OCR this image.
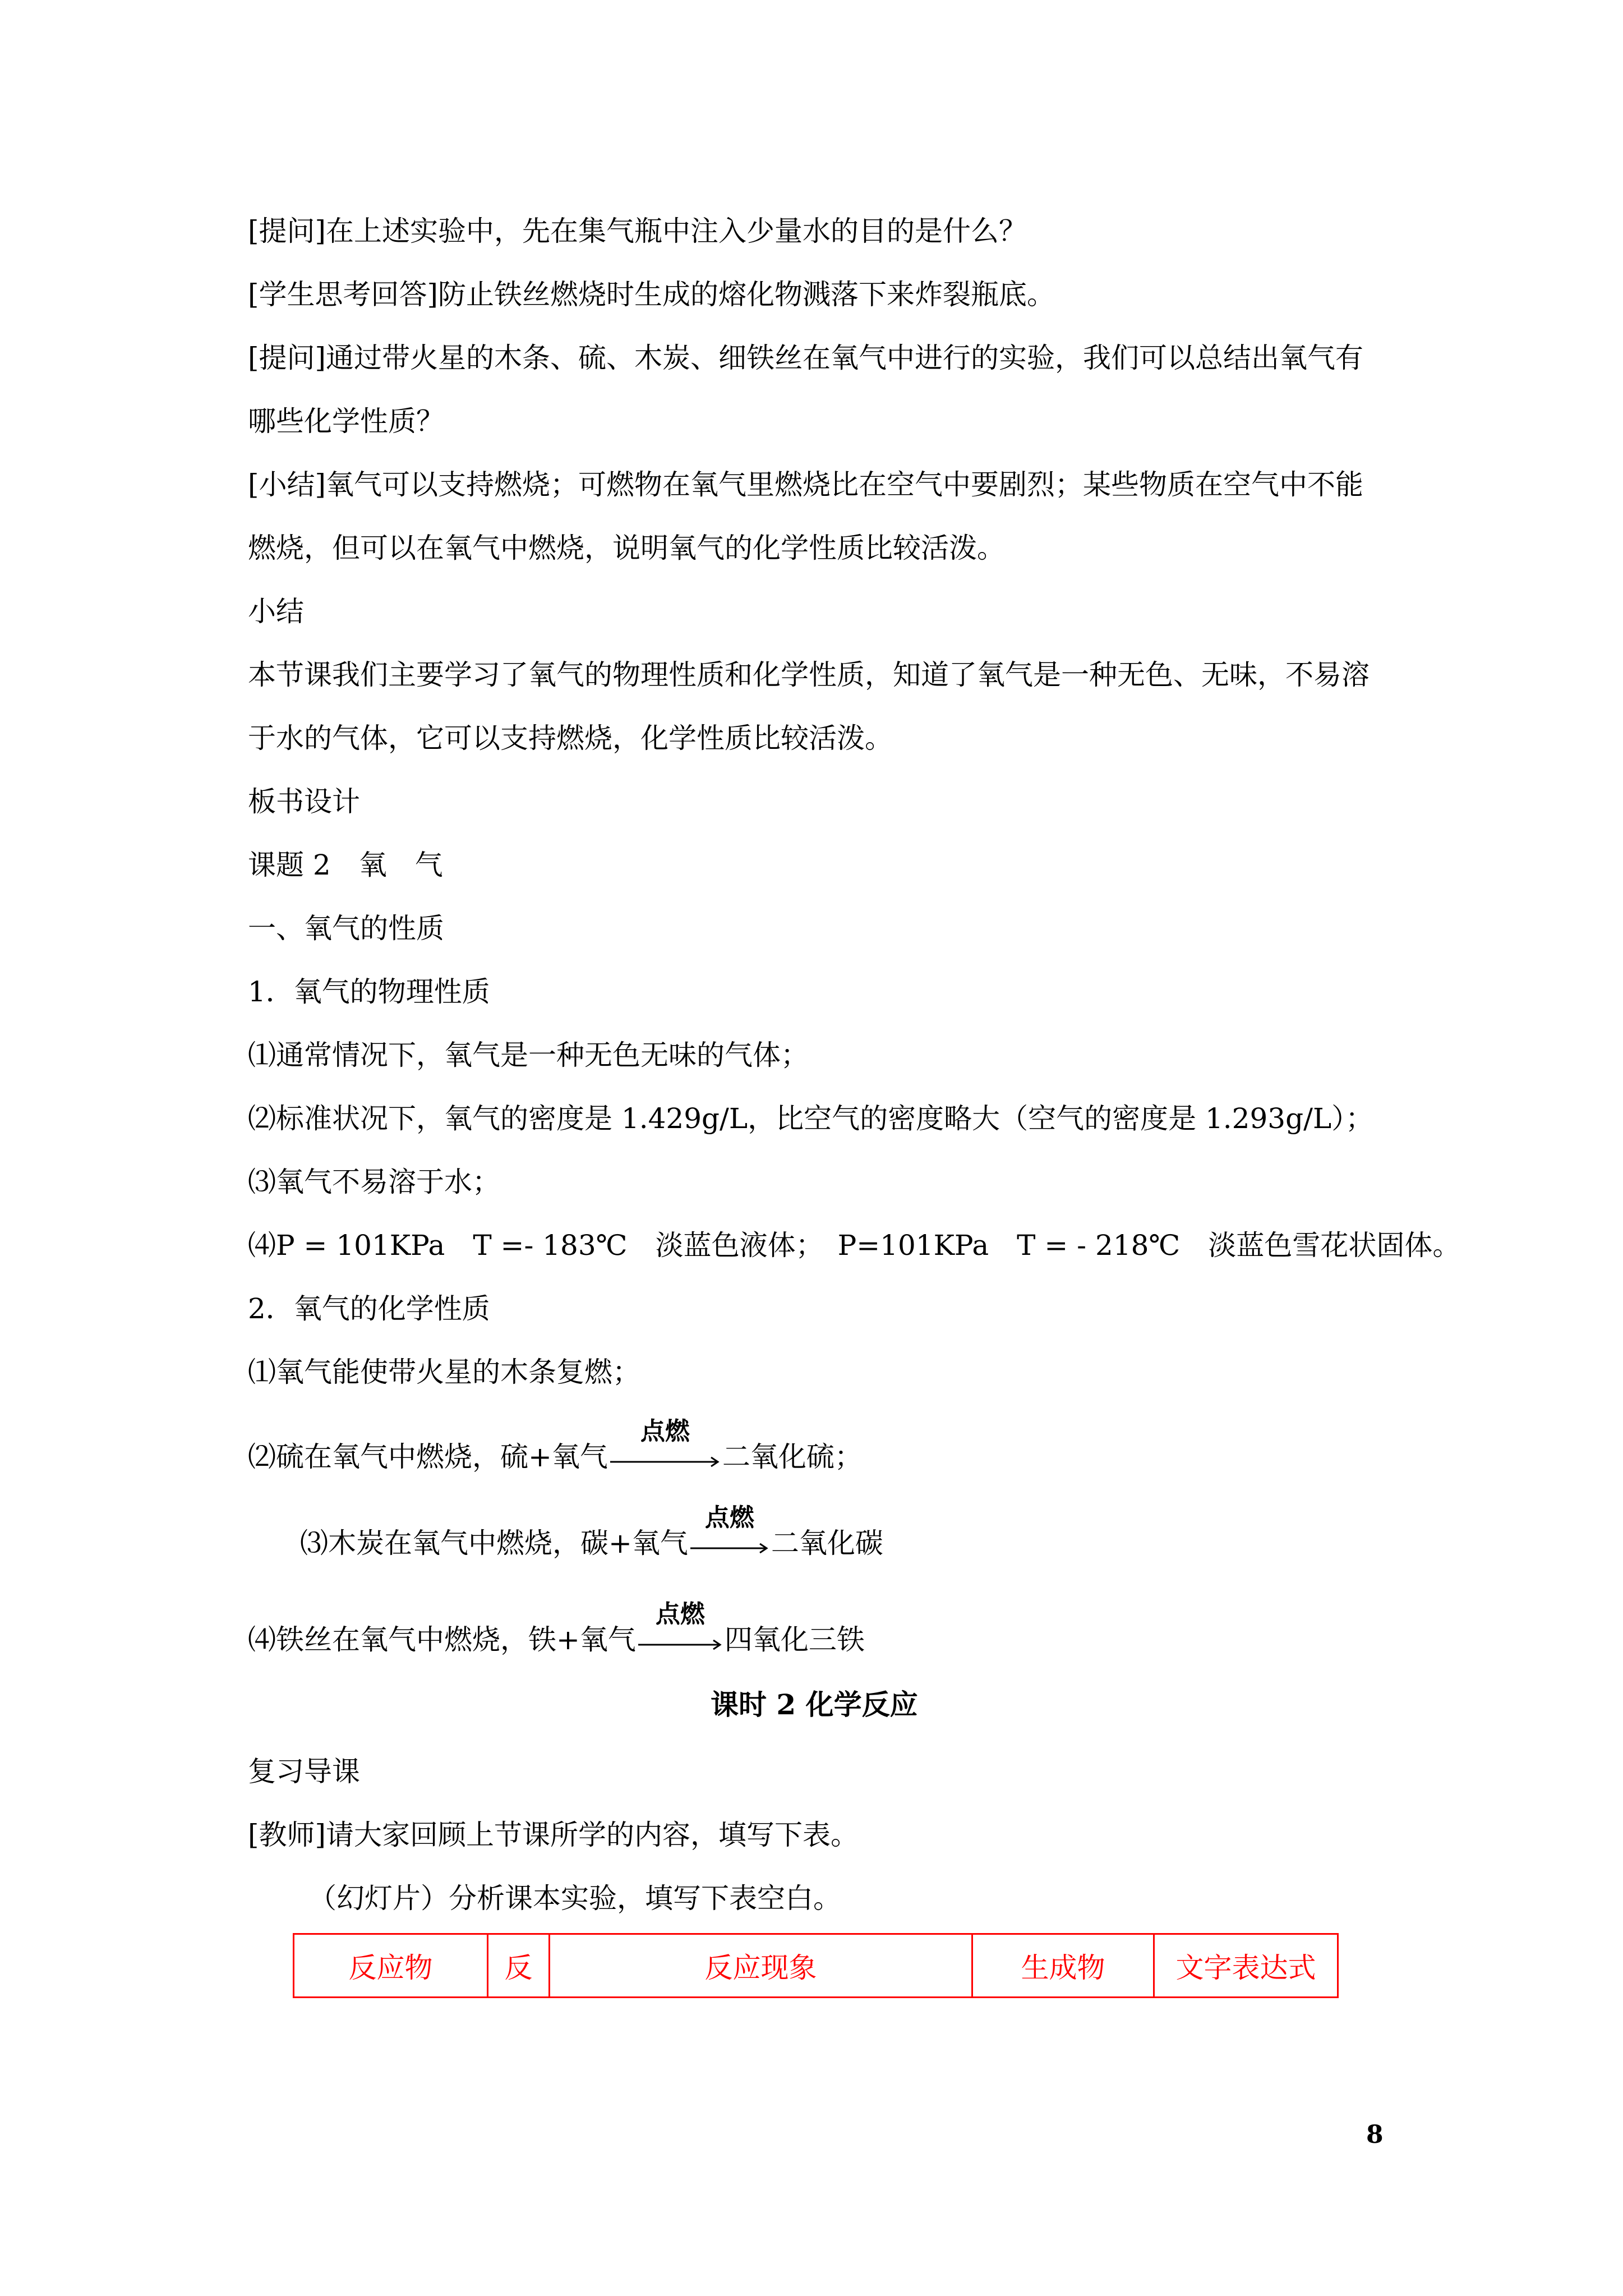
[提问]在上述实验中，先在集气瓶中注入少量水的目的是什么？
[学生思考回答]防止铁丝燃烧时生成的熔化物溅落下来炸裂瓶底。
[提问]通过带火星的木条、硫、木炭、细铁丝在氧气中进行的实验，我们可以总结出氧气有
哪些化学性质？
[小结]氧气可以支持燃烧；可燃物在氧气里燃烧比在空气中要剧烈；某些物质在空气中不能
燃烧，但可以在氧气中燃烧，说明氧气的化学性质比较活泼。
小结
本节课我们主要学习了氧气的物理性质和化学性质，知道了氧气是一种无色、无味，不易溶
于水的气体，它可以支持燃烧，化学性质比较活泼。
板书设计
课题 2　氧　气
一、氧气的性质
1．氧气的物理性质
⑴通常情况下，氧气是一种无色无味的气体；
⑵标准状况下，氧气的密度是 1.429g/L，比空气的密度略大（空气的密度是 1.293g/L）；
⑶氧气不易溶于水；
⑷P = 101KPa　T =- 183℃　淡蓝色液体；　P=101KPa　T = - 218℃　淡蓝色雪花状固体。
2．氧气的化学性质
⑴氧气能使带火星的木条复燃；
⑵硫在氧气中燃烧，硫+氧气
点燃
二氧化硫；
⑶木炭在氧气中燃烧，碳+氧气
点燃
二氧化碳
⑷铁丝在氧气中燃烧，铁+氧气
点燃
四氧化三铁
课时 2 化学反应
复习导课
[教师]请大家回顾上节课所学的内容，填写下表。
（幻灯片）分析课本实验，填写下表空白。
反应物	反	反应现象	生成物	文字表达式
8
